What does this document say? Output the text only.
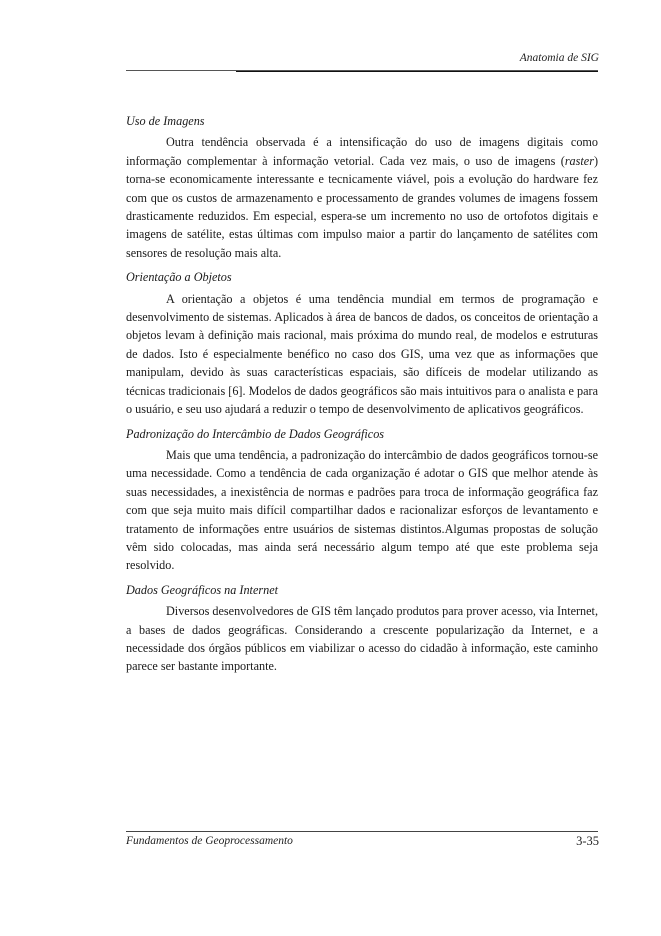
Anatomia de SIG
Uso de Imagens

Outra tendência observada é a intensificação do uso de imagens digitais como informação complementar à informação vetorial. Cada vez mais, o uso de imagens (raster) torna-se economicamente interessante e tecnicamente viável, pois a evolução do hardware fez com que os custos de armazenamento e processamento de grandes volumes de imagens fossem drasticamente reduzidos. Em especial, espera-se um incremento no uso de ortofotos digitais e imagens de satélite, estas últimas com impulso maior a partir do lançamento de satélites com sensores de resolução mais alta.

Orientação a Objetos

A orientação a objetos é uma tendência mundial em termos de programação e desenvolvimento de sistemas. Aplicados à área de bancos de dados, os conceitos de orientação a objetos levam à definição mais racional, mais próxima do mundo real, de modelos e estruturas de dados. Isto é especialmente benéfico no caso dos GIS, uma vez que as informações que manipulam, devido às suas características espaciais, são difíceis de modelar utilizando as técnicas tradicionais [6]. Modelos de dados geográficos são mais intuitivos para o analista e para o usuário, e seu uso ajudará a reduzir o tempo de desenvolvimento de aplicativos geográficos.

Padronização do Intercâmbio de Dados Geográficos

Mais que uma tendência, a padronização do intercâmbio de dados geográficos tornou-se uma necessidade. Como a tendência de cada organização é adotar o GIS que melhor atende às suas necessidades, a inexistência de normas e padrões para troca de informação geográfica faz com que seja muito mais difícil compartilhar dados e racionalizar esforços de levantamento e tratamento de informações entre usuários de sistemas distintos.Algumas propostas de solução vêm sido colocadas, mas ainda será necessário algum tempo até que este problema seja resolvido.

Dados Geográficos na Internet

Diversos desenvolvedores de GIS têm lançado produtos para prover acesso, via Internet, a bases de dados geográficas. Considerando a crescente popularização da Internet, e a necessidade dos órgãos públicos em viabilizar o acesso do cidadão à informação, este caminho parece ser bastante importante.

Fundamentos de Geoprocessamento	3-35
